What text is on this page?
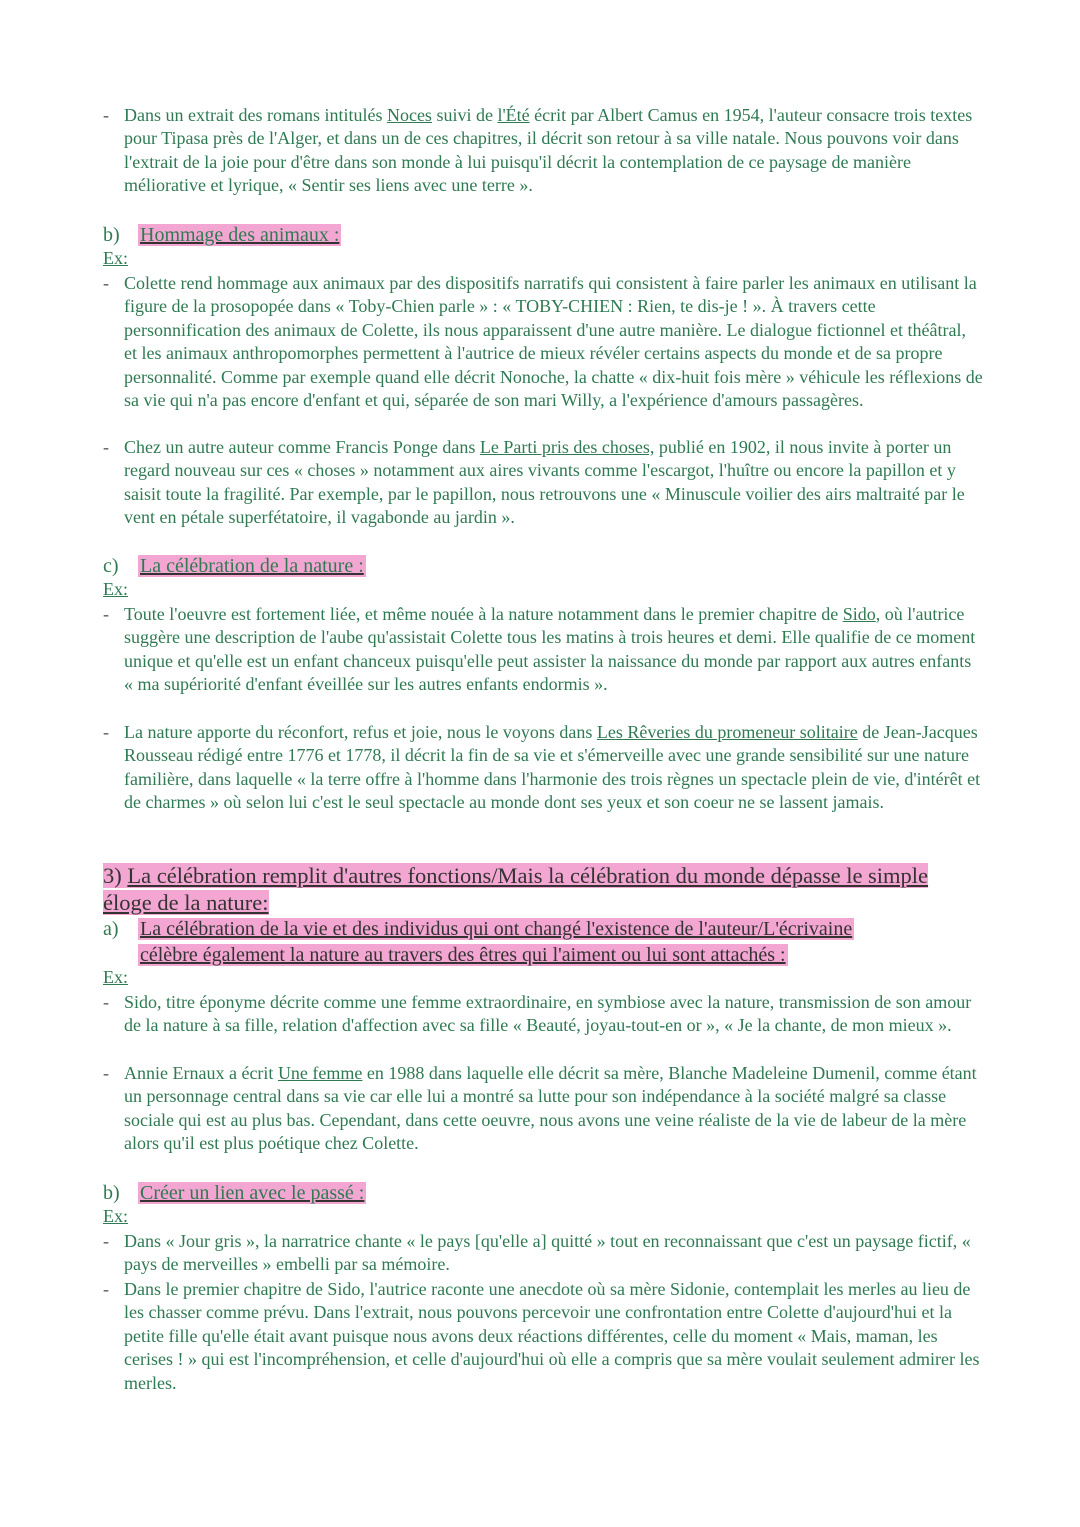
- Dans un extrait des romans intitulés Noces suivi de l'Été écrit par Albert Camus en 1954, l'auteur consacre trois textes pour Tipasa près de l'Alger, et dans un de ces chapitres, il décrit son retour à sa ville natale. Nous pouvons voir dans l'extrait de la joie pour d'être dans son monde à lui puisqu'il décrit la contemplation de ce paysage de manière méliorative et lyrique, « Sentir ses liens avec une terre ».
b) Hommage des animaux :
Ex:
- Colette rend hommage aux animaux par des dispositifs narratifs qui consistent à faire parler les animaux en utilisant la figure de la prosopopée dans « Toby-Chien parle » : « TOBY-CHIEN : Rien, te dis-je ! ». À travers cette personnification des animaux de Colette, ils nous apparaissent d'une autre manière. Le dialogue fictionnel et théâtral, et les animaux anthropomorphes permettent à l'autrice de mieux révéler certains aspects du monde et de sa propre personnalité. Comme par exemple quand elle décrit Nonoche, la chatte « dix-huit fois mère » véhicule les réflexions de sa vie qui n'a pas encore d'enfant et qui, séparée de son mari Willy, a l'expérience d'amours passagères.
- Chez un autre auteur comme Francis Ponge dans Le Parti pris des choses, publié en 1902, il nous invite à porter un regard nouveau sur ces « choses » notamment aux aires vivants comme l'escargot, l'huître ou encore la papillon et y saisit toute la fragilité. Par exemple, par le papillon, nous retrouvons une « Minuscule voilier des airs maltraité par le vent en pétale superfétatoire, il vagabonde au jardin ».
c) La célébration de la nature :
Ex:
- Toute l'oeuvre est fortement liée, et même nouée à la nature notamment dans le premier chapitre de Sido, où l'autrice suggère une description de l'aube qu'assistait Colette tous les matins à trois heures et demi. Elle qualifie de ce moment unique et qu'elle est un enfant chanceux puisqu'elle peut assister la naissance du monde par rapport aux autres enfants « ma supériorité d'enfant éveillée sur les autres enfants endormis ».
- La nature apporte du réconfort, refus et joie, nous le voyons dans Les Rêveries du promeneur solitaire de Jean-Jacques Rousseau rédigé entre 1776 et 1778, il décrit la fin de sa vie et s'émerveille avec une grande sensibilité sur une nature familière, dans laquelle « la terre offre à l'homme dans l'harmonie des trois règnes un spectacle plein de vie, d'intérêt et de charmes » où selon lui c'est le seul spectacle au monde dont ses yeux et son coeur ne se lassent jamais.
3) La célébration remplit d'autres fonctions/Mais la célébration du monde dépasse le simple
éloge de la nature:
a) La célébration de la vie et des individus qui ont changé l'existence de l'auteur/L'écrivaine
célèbre également la nature au travers des êtres qui l'aiment ou lui sont attachés :
Ex:
- Sido, titre éponyme décrite comme une femme extraordinaire, en symbiose avec la nature, transmission de son amour de la nature à sa fille, relation d'affection avec sa fille « Beauté, joyau-tout-en or », « Je la chante, de mon mieux ».
- Annie Ernaux a écrit Une femme en 1988 dans laquelle elle décrit sa mère, Blanche Madeleine Dumenil, comme étant un personnage central dans sa vie car elle lui a montré sa lutte pour son indépendance à la société malgré sa classe sociale qui est au plus bas. Cependant, dans cette oeuvre, nous avons une veine réaliste de la vie de labeur de la mère alors qu'il est plus poétique chez Colette.
b) Créer un lien avec le passé :
Ex:
- Dans « Jour gris », la narratrice chante « le pays [qu'elle a] quitté » tout en reconnaissant que c'est un paysage fictif, « pays de merveilles » embelli par sa mémoire.
- Dans le premier chapitre de Sido, l'autrice raconte une anecdote où sa mère Sidonie, contemplait les merles au lieu de les chasser comme prévu. Dans l'extrait, nous pouvons percevoir une confrontation entre Colette d'aujourd'hui et la petite fille qu'elle était avant puisque nous avons deux réactions différentes, celle du moment « Mais, maman, les cerises ! » qui est l'incompréhension, et celle d'aujourd'hui où elle a compris que sa mère voulait seulement admirer les merles.
